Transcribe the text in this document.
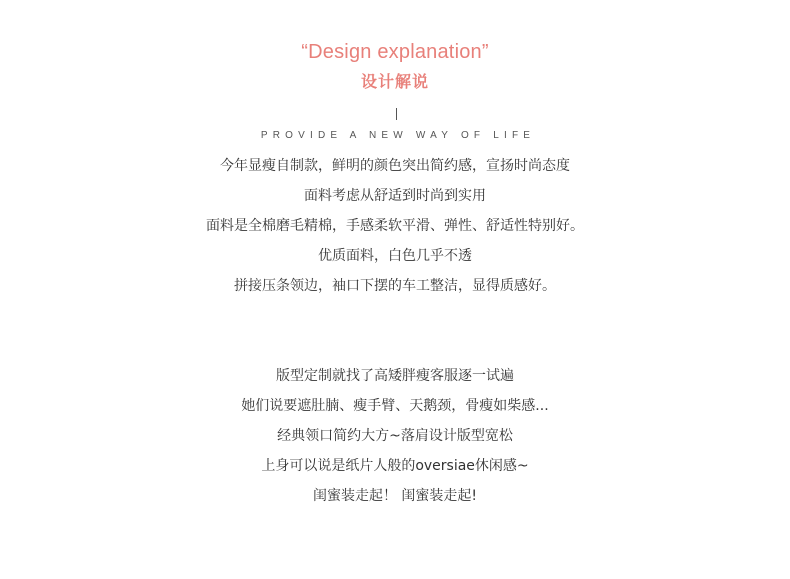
“Design explanation”
设计解说
PROVIDE A NEW WAY OF LIFE
今年显瘦自制款，鲜明的颜色突出简约感，宣扬时尚态度
面料考虑从舒适到时尚到实用
面料是全棉磨毛精棉，手感柔软平滑、弹性、舒适性特别好。
优质面料，白色几乎不透
拼接压条领边，袖口下摆的车工整洁，显得质感好。
版型定制就找了高矮胖瘦客服逐一试遍
她们说要遮肚腩、瘦手臂、天鹅颈，骨瘦如柴感...
经典领口简约大方~落肩设计版型宽松
上身可以说是纸片人般的oversiae休闲感~
闺蜜装走起！ 闺蜜装走起!
